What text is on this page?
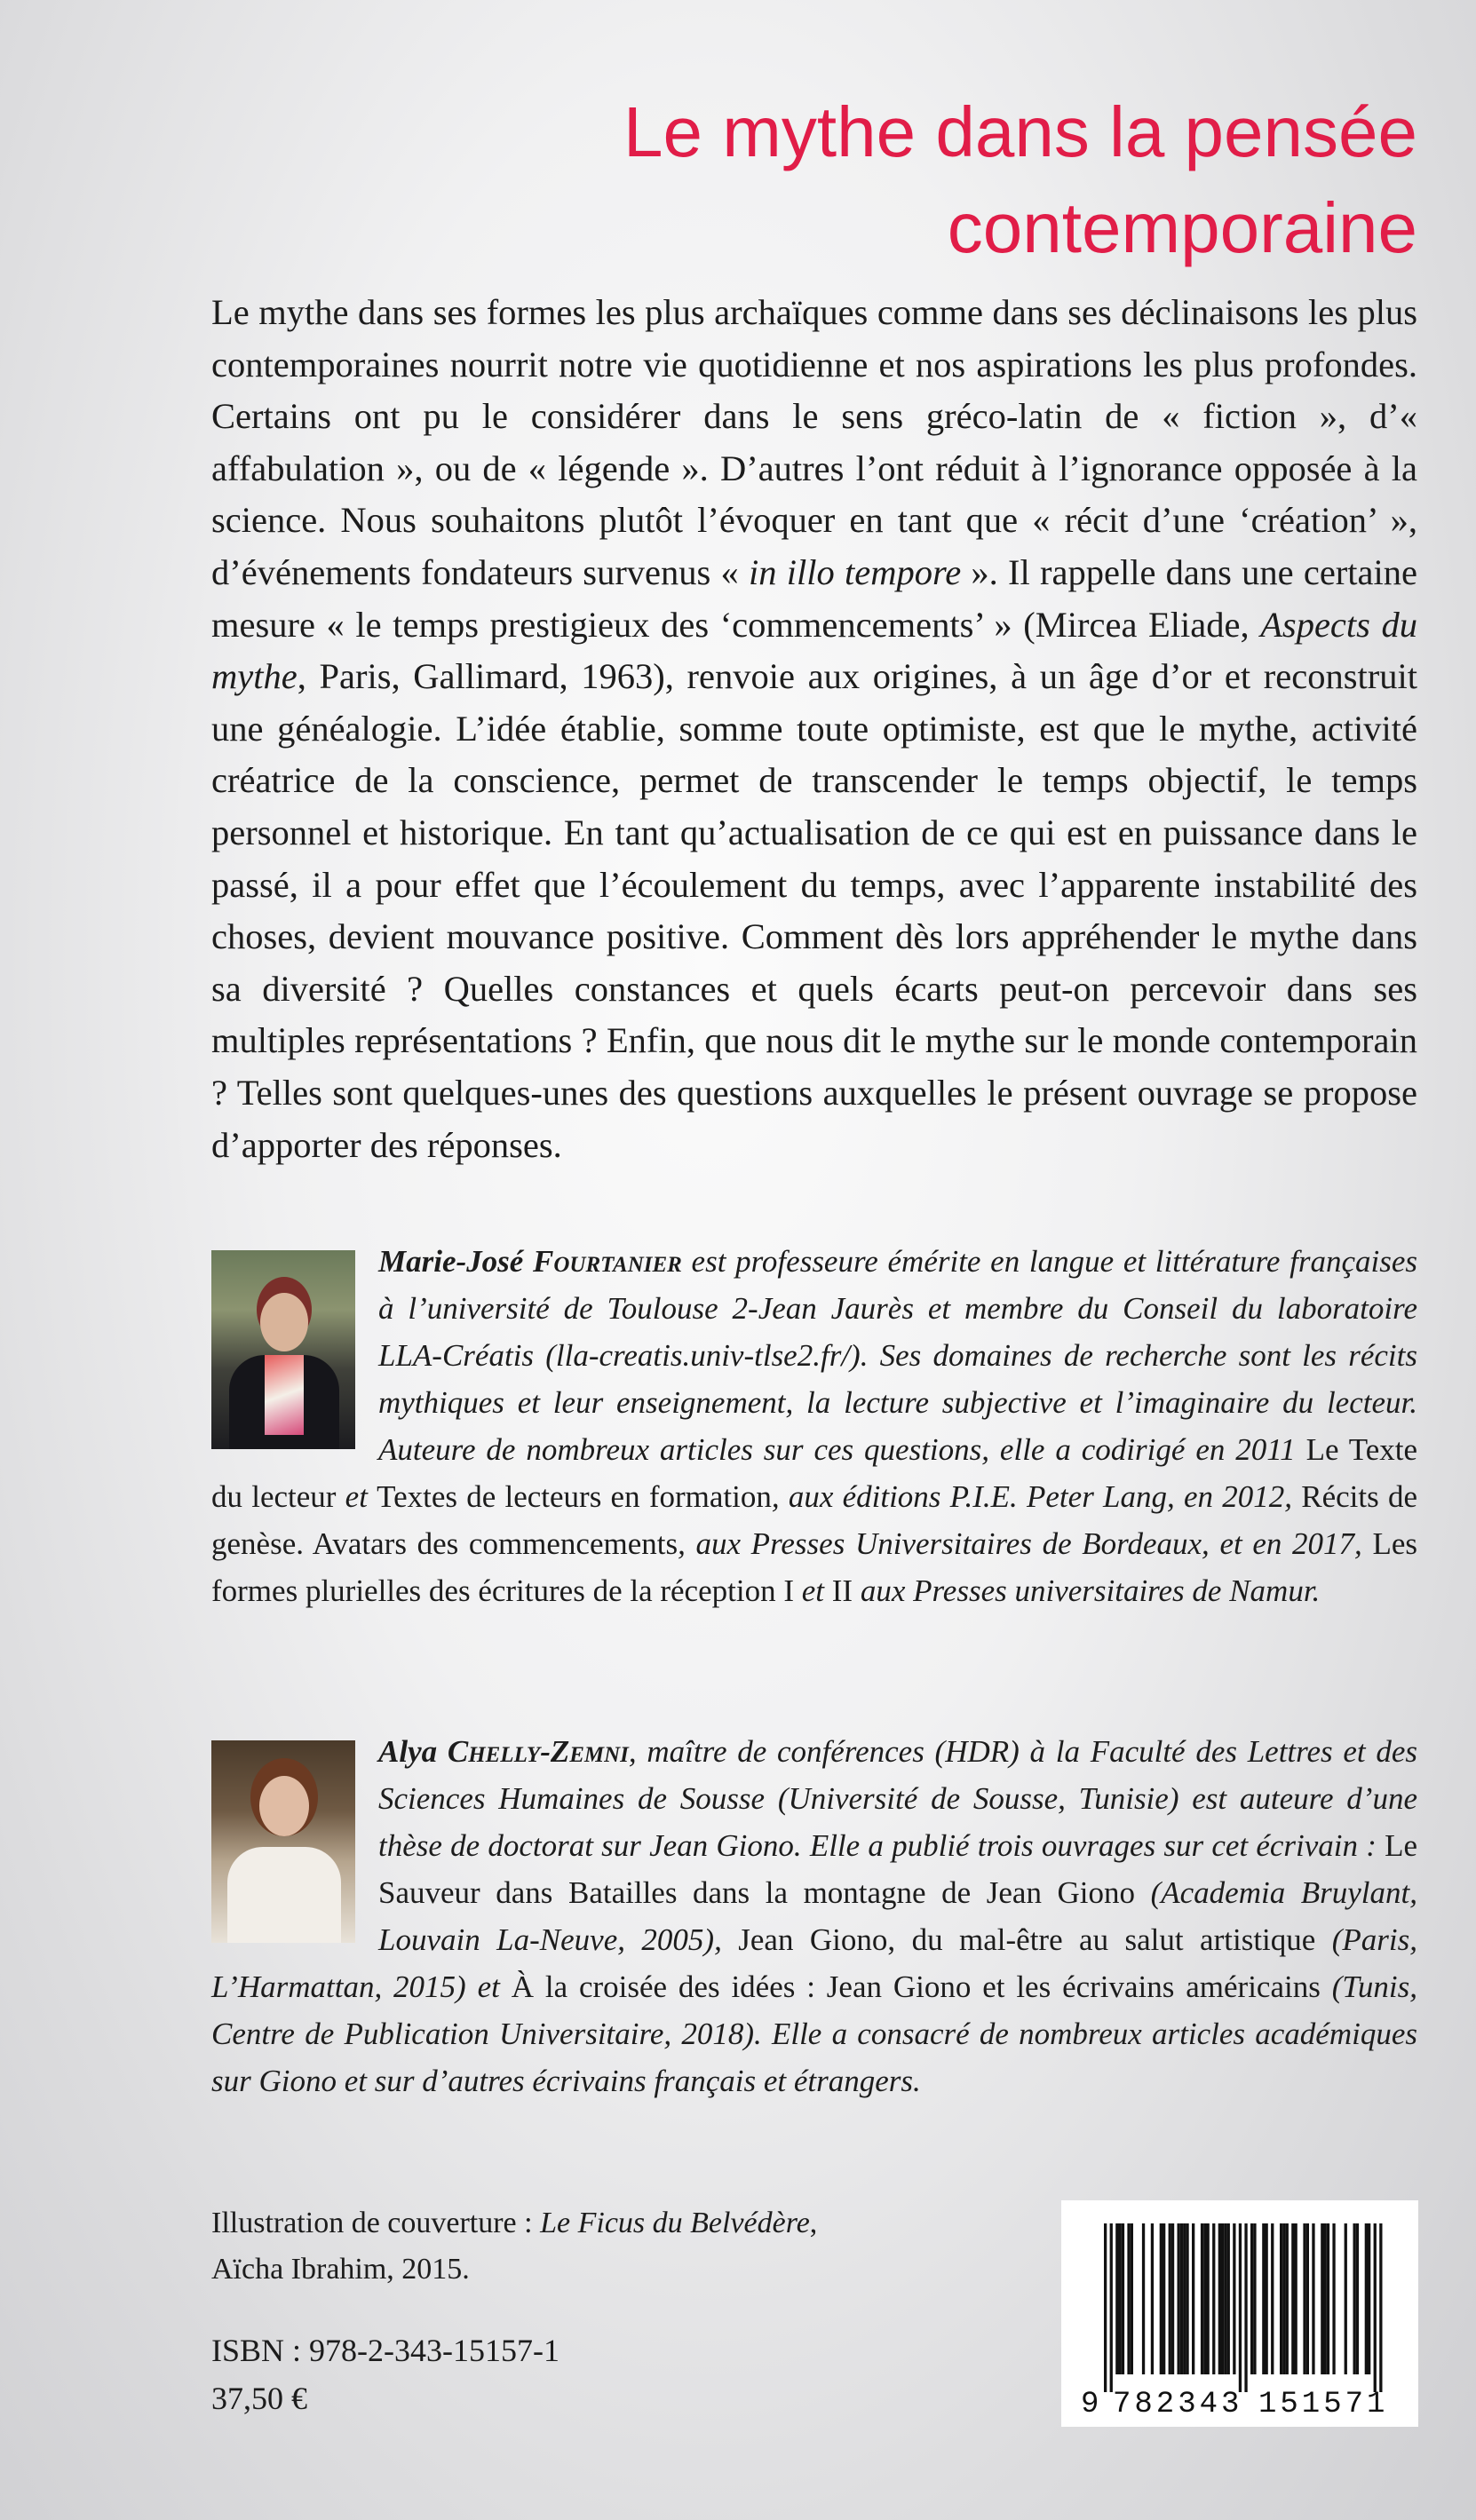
Le mythe dans la pensée
contemporaine

Le mythe dans ses formes les plus archaïques comme dans ses déclinaisons les plus contemporaines nourrit notre vie quotidienne et nos aspirations les plus profondes. Certains ont pu le considérer dans le sens gréco-latin de « fiction », d’« affabulation », ou de « légende ». D’autres l’ont réduit à l’ignorance opposée à la science. Nous souhaitons plutôt l’évoquer en tant que « récit d’une ‘création’ », d’événements fondateurs survenus « in illo tempore ». Il rappelle dans une certaine mesure « le temps prestigieux des ‘commencements’ » (Mircea Eliade, Aspects du mythe, Paris, Gallimard, 1963), renvoie aux origines, à un âge d’or et reconstruit une généalogie. L’idée établie, somme toute optimiste, est que le mythe, activité créatrice de la conscience, permet de transcender le temps objectif, le temps personnel et historique. En tant qu’actualisation de ce qui est en puissance dans le passé, il a pour effet que l’écoulement du temps, avec l’apparente instabilité des choses, devient mouvance positive. Comment dès lors appréhender le mythe dans sa diversité ? Quelles constances et quels écarts peut-on percevoir dans ses multiples représentations ? Enfin, que nous dit le mythe sur le monde contemporain ? Telles sont quelques-unes des questions auxquelles le présent ouvrage se propose d’apporter des réponses.

Marie-José Fourtanier est professeure émérite en langue et littérature françaises à l’université de Toulouse 2-Jean Jaurès et membre du Conseil du laboratoire LLA-Créatis (lla-creatis.univ-tlse2.fr/). Ses domaines de recherche sont les récits mythiques et leur enseignement, la lecture subjective et l’imaginaire du lecteur. Auteure de nombreux articles sur ces questions, elle a codirigé en 2011 Le Texte du lecteur et Textes de lecteurs en formation, aux éditions P.I.E. Peter Lang, en 2012, Récits de genèse. Avatars des commencements, aux Presses Universitaires de Bordeaux, et en 2017, Les formes plurielles des écritures de la réception I et II aux Presses universitaires de Namur.
Alya Chelly-Zemni, maître de conférences (HDR) à la Faculté des Lettres et des Sciences Humaines de Sousse (Université de Sousse, Tunisie) est auteure d’une thèse de doctorat sur Jean Giono. Elle a publié trois ouvrages sur cet écrivain : Le Sauveur dans Batailles dans la montagne de Jean Giono (Academia Bruylant, Louvain La-Neuve, 2005), Jean Giono, du mal-être au salut artistique (Paris, L’Harmattan, 2015) et À la croisée des idées : Jean Giono et les écrivains américains (Tunis, Centre de Publication Universitaire, 2018). Elle a consacré de nombreux articles académiques sur Giono et sur d’autres écrivains français et étrangers.
Illustration de couverture : Le Ficus du Belvédère,
Aïcha Ibrahim, 2015.
ISBN : 978-2-343-15157-1
37,50 €	9 782343 151571
